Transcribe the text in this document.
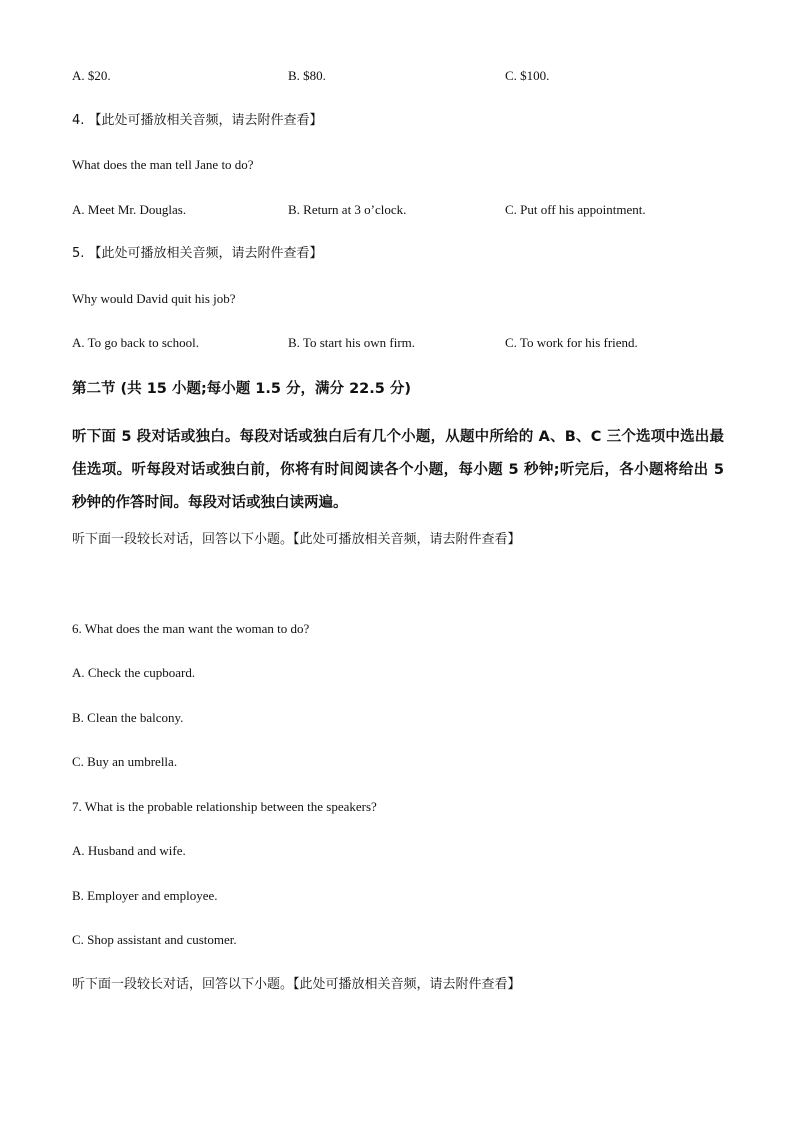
A. $20.	B. $80.	C. $100.
4. 【此处可播放相关音频，请去附件查看】
What does the man tell Jane to do?
A. Meet Mr. Douglas.	B. Return at 3 o’clock.	C. Put off his appointment.
5. 【此处可播放相关音频，请去附件查看】
Why would David quit his job?
A. To go back to school.	B. To start his own firm.	C. To work for his friend.
第二节 (共 15 小题;每小题 1.5 分，满分 22.5 分)
听下面 5 段对话或独白。每段对话或独白后有几个小题，从题中所给的 A、B、C 三个选项中选出最佳选项。听每段对话或独白前，你将有时间阅读各个小题，每小题 5 秒钟;听完后，各小题将给出 5 秒钟的作答时间。每段对话或独白读两遍。
听下面一段较长对话，回答以下小题。【此处可播放相关音频，请去附件查看】
6. What does the man want the woman to do?
A. Check the cupboard.
B. Clean the balcony.
C. Buy an umbrella.
7. What is the probable relationship between the speakers?
A. Husband and wife.
B. Employer and employee.
C. Shop assistant and customer.
听下面一段较长对话，回答以下小题。【此处可播放相关音频，请去附件查看】
